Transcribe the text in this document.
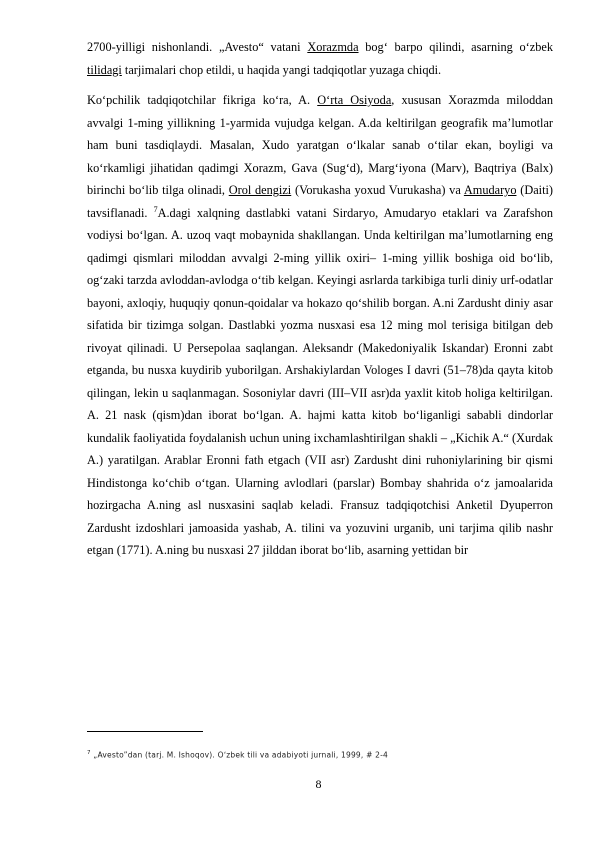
2700-yilligi nishonlandi. „Avesto“ vatani Xorazmda bogʻ barpo qilindi, asarning oʻzbek tilidagi tarjimalari chop etildi, u haqida yangi tadqiqotlar yuzaga chiqdi.

Koʻpchilik tadqiqotchilar fikriga koʻra, A. Oʻrta Osiyoda, xususan Xorazmda miloddan avvalgi 1-ming yillikning 1-yarmida vujudga kelgan. A.da keltirilgan geografik maʼlumotlar ham buni tasdiqlaydi. Masalan, Xudo yaratgan oʻlkalar sanab oʻtilar ekan, boyligi va koʻrkamligi jihatidan qadimgi Xorazm, Gava (Sugʻd), Margʻiyona (Marv), Baqtriya (Balx) birinchi boʻlib tilga olinadi, Orol dengizi (Vorukasha yoxud Vurukasha) va Amudaryo (Daiti) tavsiflanadi. $^7$A.dagi xalqning dastlabki vatani Sirdaryo, Amudaryo etaklari va Zarafshon vodiysi boʻlgan. A. uzoq vaqt mobaynida shakllangan. Unda keltirilgan maʼlumotlarning eng qadimgi qismlari miloddan avvalgi 2-ming yillik oxiri– 1-ming yillik boshiga oid boʻlib, ogʻzaki tarzda avloddan-avlodga oʻtib kelgan. Keyingi asrlarda tarkibiga turli diniy urf-odatlar bayoni, axloqiy, huquqiy qonun-qoidalar va hokazo qoʻshilib borgan. A.ni Zardusht diniy asar sifatida bir tizimga solgan. Dastlabki yozma nusxasi esa 12 ming mol terisiga bitilgan deb rivoyat qilinadi. U Persepolaa saqlangan. Aleksandr (Makedoniyalik Iskandar) Eronni zabt etganda, bu nusxa kuydirib yuborilgan. Arshakiylardan Vologes I davri (51–78)da qayta kitob qilingan, lekin u saqlanmagan. Sosoniylar davri (III–VII asr)da yaxlit kitob holiga keltirilgan. A. 21 nask (qism)dan iborat boʻlgan. A. hajmi katta kitob boʻliganligi sababli dindorlar kundalik faoliyatida foydalanish uchun uning ixchamlashtirilgan shakli – „Kichik A.“ (Xurdak A.) yaratilgan. Arablar Eronni fath etgach (VII asr) Zardusht dini ruhoniylarining bir qismi Hindistonga koʻchib oʻtgan. Ularning avlodlari (parslar) Bombay shahrida oʻz jamoalarida hozirgacha A.ning asl nusxasini saqlab keladi. Fransuz tadqiqotchisi Anketil Dyuperron Zardusht izdoshlari jamoasida yashab, A. tilini va yozuvini urganib, uni tarjima qilib nashr etgan (1771). A.ning bu nusxasi 27 jilddan iborat boʻlib, asarning yettidan bir

$^7$ „Avesto”dan (tarj. M. Ishoqov). Oʻzbek tili va adabiyoti jurnali, 1999, # 2-4
8
